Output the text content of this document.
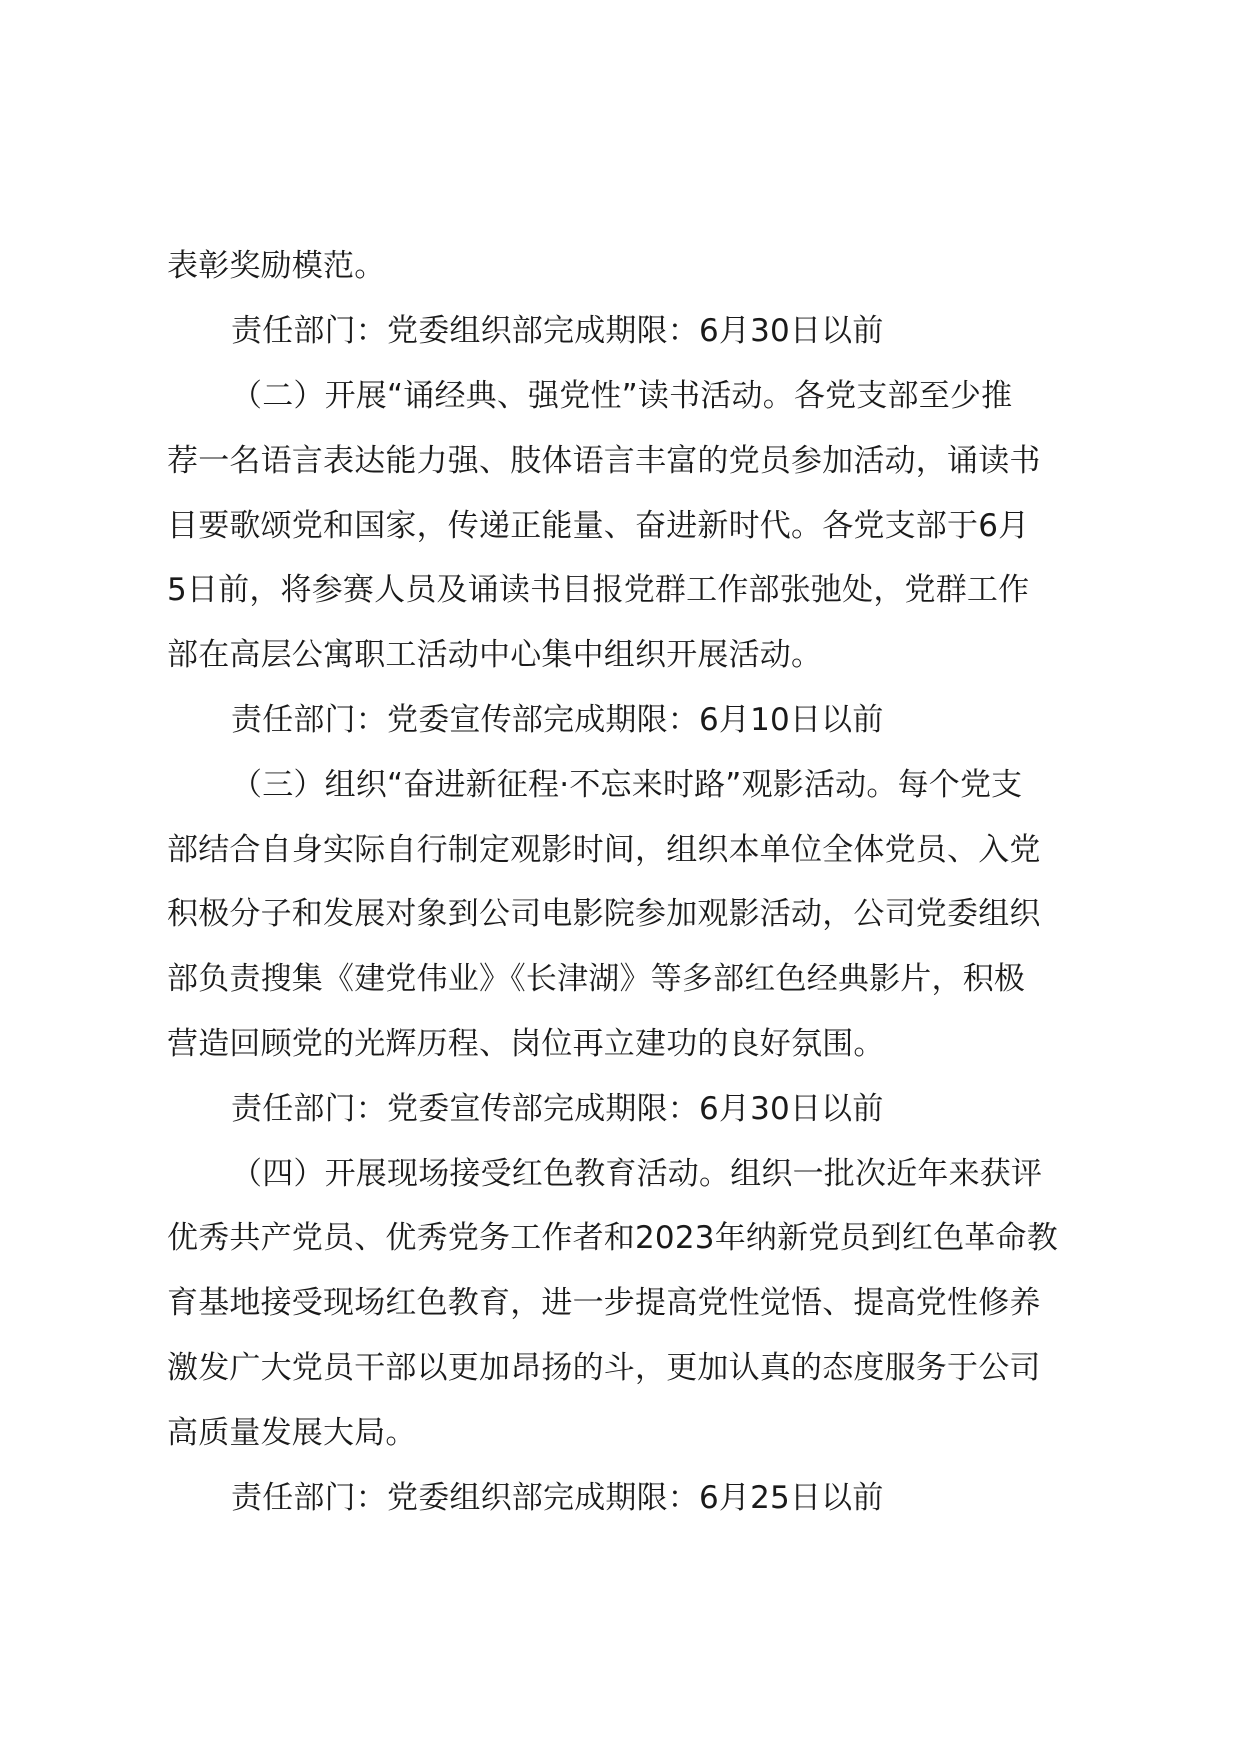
表彰奖励模范。
责任部门：党委组织部完成期限：6月30日以前
（二）开展“诵经典、强党性”读书活动。各党支部至少推
荐一名语言表达能力强、肢体语言丰富的党员参加活动，诵读书
目要歌颂党和国家，传递正能量、奋进新时代。各党支部于6月
5日前，将参赛人员及诵读书目报党群工作部张弛处，党群工作
部在高层公寓职工活动中心集中组织开展活动。
责任部门：党委宣传部完成期限：6月10日以前
（三）组织“奋进新征程·不忘来时路”观影活动。每个党支
部结合自身实际自行制定观影时间，组织本单位全体党员、入党
积极分子和发展对象到公司电影院参加观影活动，公司党委组织
部负责搜集《建党伟业》《长津湖》等多部红色经典影片，积极
营造回顾党的光辉历程、岗位再立建功的良好氛围。
责任部门：党委宣传部完成期限：6月30日以前
（四）开展现场接受红色教育活动。组织一批次近年来获评
优秀共产党员、优秀党务工作者和2023年纳新党员到红色革命教
育基地接受现场红色教育，进一步提高党性觉悟、提高党性修养
激发广大党员干部以更加昂扬的斗，更加认真的态度服务于公司
高质量发展大局。
责任部门：党委组织部完成期限：6月25日以前
